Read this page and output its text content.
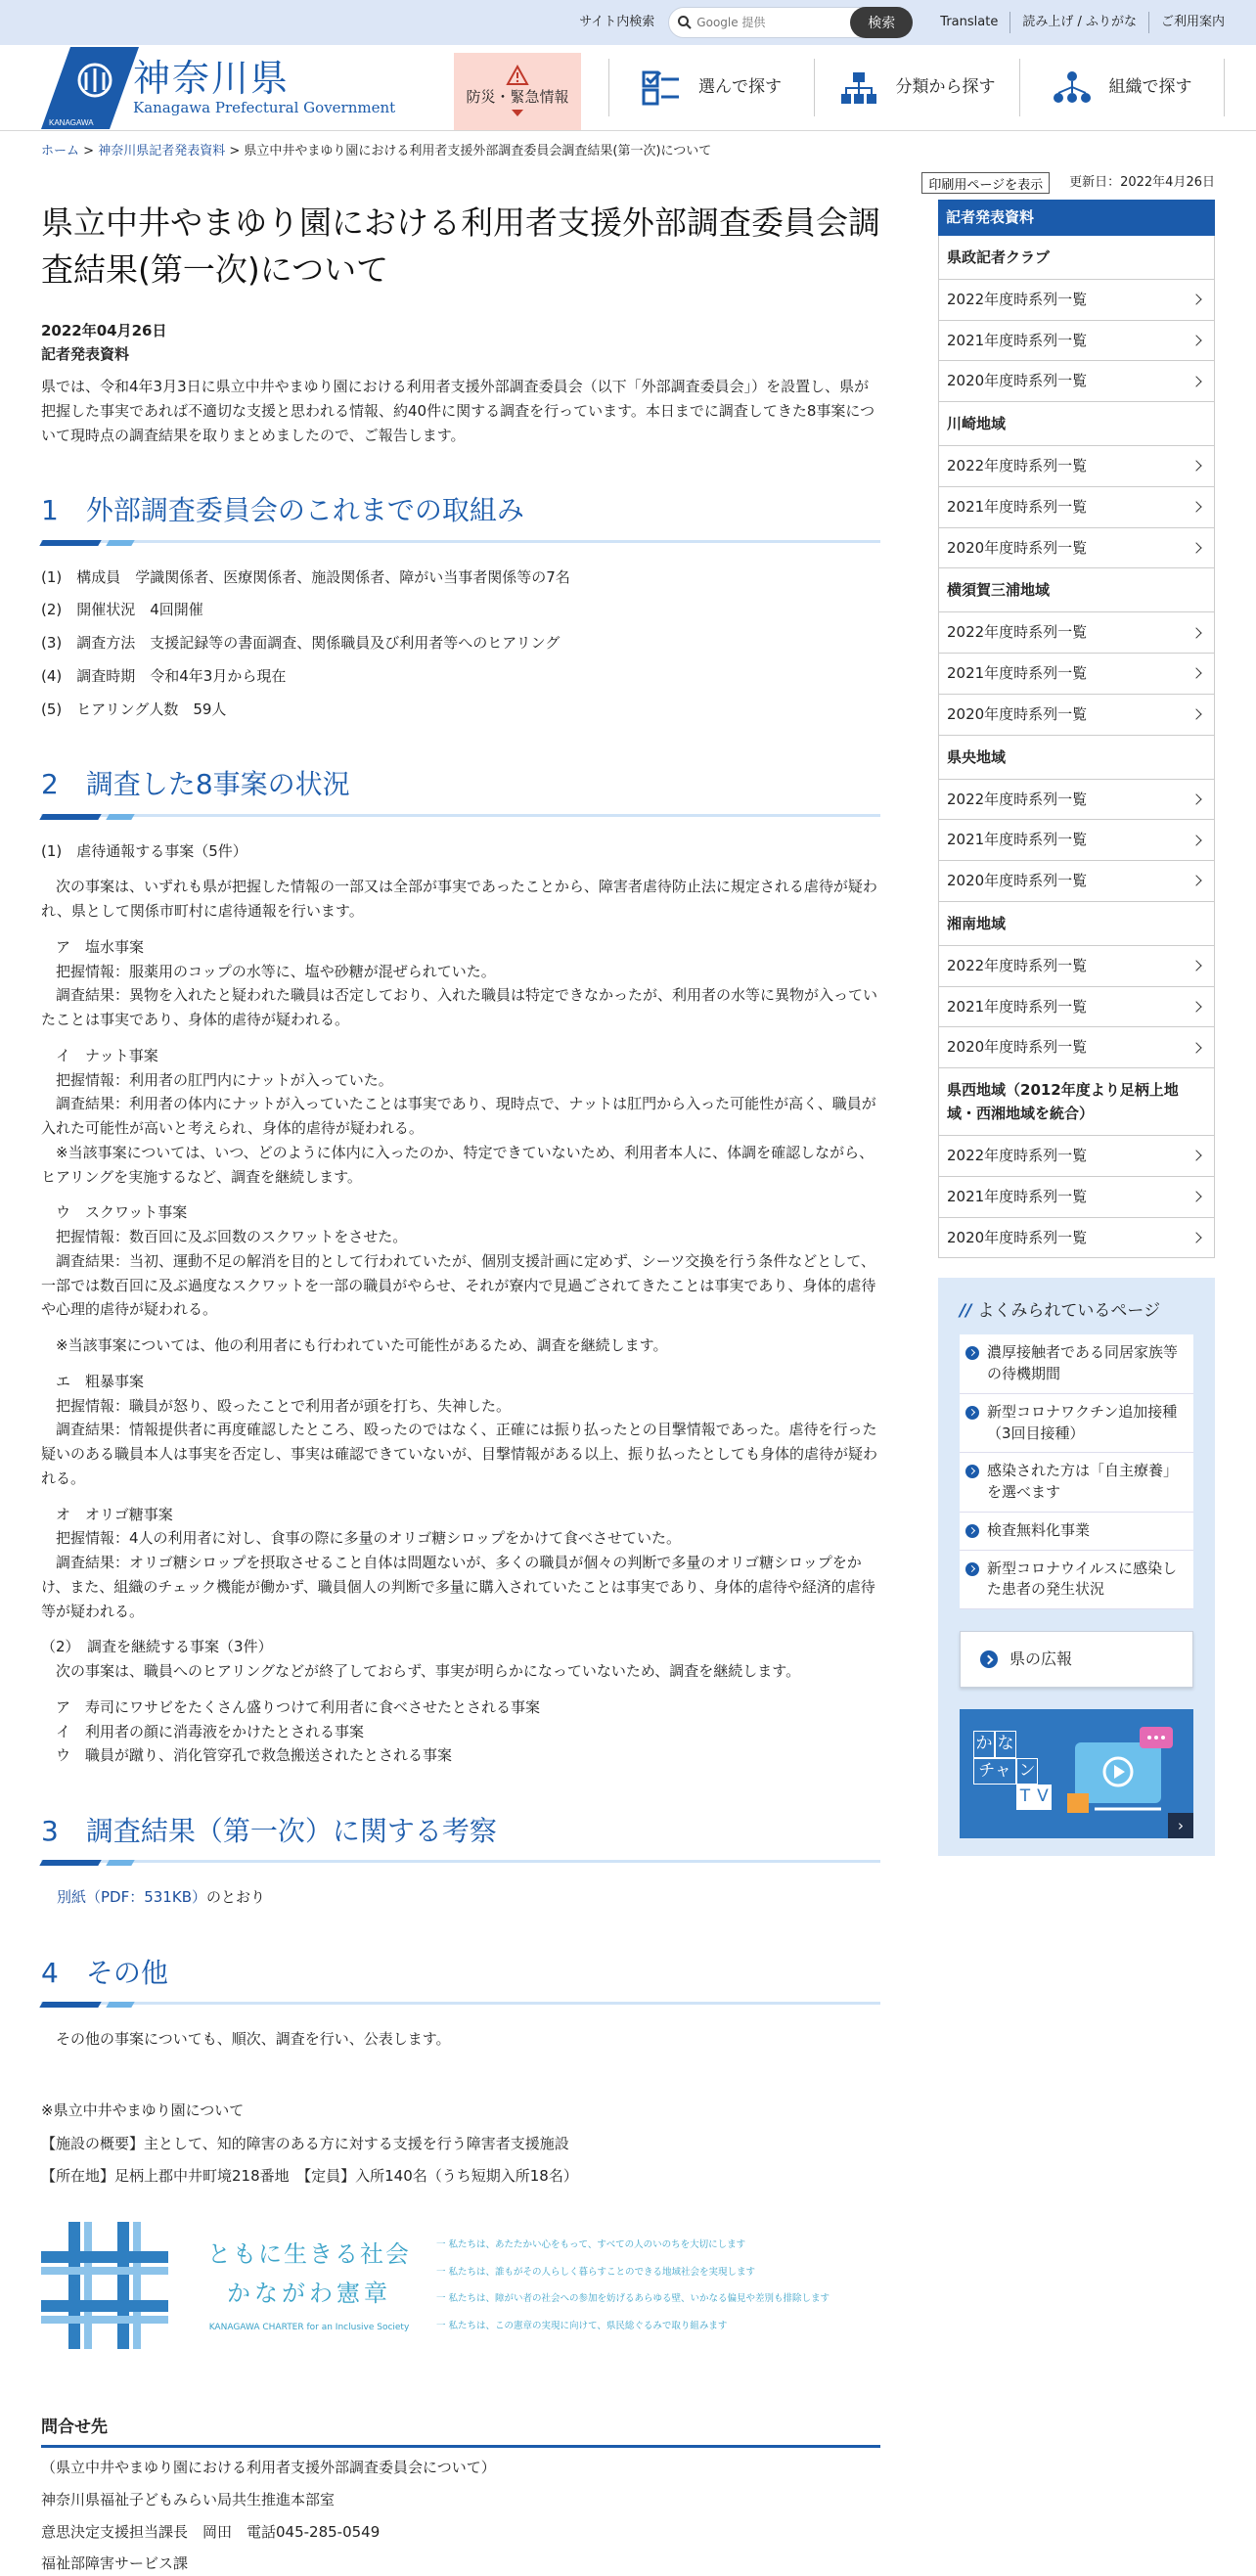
サイト内検索
Google 提供	検索	Translate	読み上げ / ふりがな	ご利用案内
KANAGAWA
神奈川県
Kanagawa Prefectural Government
防災・緊急情報	選んで探す	分類から探す	組織で探す
ホーム > 神奈川県記者発表資料 > 県立中井やまゆり園における利用者支援外部調査委員会調査結果(第一次)について
印刷用ページを表示	更新日：2022年4月26日
県立中井やまゆり園における利用者支援外部調査委員会調査結果(第一次)について

2022年04月26日

記者発表資料

県では、令和4年3月3日に県立中井やまゆり園における利用者支援外部調査委員会（以下「外部調査委員会」）を設置し、県が把握した事実であれば不適切な支援と思われる情報、約40件に関する調査を行っています。本日までに調査してきた8事案について現時点の調査結果を取りまとめましたので、ご報告します。

1　外部調査委員会のこれまでの取組み

(1)　構成員　学識関係者、医療関係者、施設関係者、障がい当事者関係等の7名

(2)　開催状況　4回開催

(3)　調査方法　支援記録等の書面調査、関係職員及び利用者等へのヒアリング

(4)　調査時期　令和4年3月から現在

(5)　ヒアリング人数　59人

2　調査した8事案の状況

(1)　虐待通報する事案（5件）

　次の事案は、いずれも県が把握した情報の一部又は全部が事実であったことから、障害者虐待防止法に規定される虐待が疑われ、県として関係市町村に虐待通報を行います。

　ア　塩水事案

　把握情報：服薬用のコップの水等に、塩や砂糖が混ぜられていた。

　調査結果：異物を入れたと疑われた職員は否定しており、入れた職員は特定できなかったが、利用者の水等に異物が入っていたことは事実であり、身体的虐待が疑われる。

　イ　ナット事案

　把握情報：利用者の肛門内にナットが入っていた。

　調査結果：利用者の体内にナットが入っていたことは事実であり、現時点で、ナットは肛門から入った可能性が高く、職員が入れた可能性が高いと考えられ、身体的虐待が疑われる。

　※当該事案については、いつ、どのように体内に入ったのか、特定できていないため、利用者本人に、体調を確認しながら、ヒアリングを実施するなど、調査を継続します。

　ウ　スクワット事案

　把握情報：数百回に及ぶ回数のスクワットをさせた。

　調査結果：当初、運動不足の解消を目的として行われていたが、個別支援計画に定めず、シーツ交換を行う条件などとして、一部では数百回に及ぶ過度なスクワットを一部の職員がやらせ、それが寮内で見過ごされてきたことは事実であり、身体的虐待や心理的虐待が疑われる。

　※当該事案については、他の利用者にも行われていた可能性があるため、調査を継続します。

　エ　粗暴事案

　把握情報：職員が怒り、殴ったことで利用者が頭を打ち、失神した。

　調査結果：情報提供者に再度確認したところ、殴ったのではなく、正確には振り払ったとの目撃情報であった。虐待を行った疑いのある職員本人は事実を否定し、事実は確認できていないが、目撃情報がある以上、振り払ったとしても身体的虐待が疑われる。

　オ　オリゴ糖事案

　把握情報：4人の利用者に対し、食事の際に多量のオリゴ糖シロップをかけて食べさせていた。

　調査結果：オリゴ糖シロップを摂取させること自体は問題ないが、多くの職員が個々の判断で多量のオリゴ糖シロップをかけ、また、組織のチェック機能が働かず、職員個人の判断で多量に購入されていたことは事実であり、身体的虐待や経済的虐待等が疑われる。

（2）　調査を継続する事案（3件）

　次の事案は、職員へのヒアリングなどが終了しておらず、事実が明らかになっていないため、調査を継続します。

　ア　寿司にワサビをたくさん盛りつけて利用者に食べさせたとされる事案

　イ　利用者の顔に消毒液をかけたとされる事案

　ウ　職員が蹴り、消化管穿孔で救急搬送されたとされる事案

3　調査結果（第一次）に関する考察

別紙（PDF：531KB）のとおり

4　その他

　その他の事案についても、順次、調査を行い、公表します。

※県立中井やまゆり園について

【施設の概要】主として、知的障害のある方に対する支援を行う障害者支援施設

【所在地】足柄上郡中井町境218番地　【定員】入所140名（うち短期入所18名）

ともに生きる社会
かながわ憲章
KANAGAWA CHARTER for an Inclusive Society
一 私たちは、あたたかい心をもって、すべての人のいのちを大切にします
一 私たちは、誰もがその人らしく暮らすことのできる地域社会を実現します
一 私たちは、障がい者の社会への参加を妨げるあらゆる壁、いかなる偏見や差別も排除します
一 私たちは、この憲章の実現に向けて、県民総ぐるみで取り組みます
問合せ先

（県立中井やまゆり園における利用者支援外部調査委員会について）

神奈川県福祉子どもみらい局共生推進本部室

意思決定支援担当課長　岡田　電話045-285-0549

福祉部障害サービス課

記者発表資料
県政記者クラブ
2022年度時系列一覧
2021年度時系列一覧
2020年度時系列一覧
川崎地域
2022年度時系列一覧
2021年度時系列一覧
2020年度時系列一覧
横須賀三浦地域
2022年度時系列一覧
2021年度時系列一覧
2020年度時系列一覧
県央地域
2022年度時系列一覧
2021年度時系列一覧
2020年度時系列一覧
湘南地域
2022年度時系列一覧
2021年度時系列一覧
2020年度時系列一覧
県西地域（2012年度より足柄上地域・西湘地域を統合）
2022年度時系列一覧
2021年度時系列一覧
2020年度時系列一覧
// よくみられているページ
濃厚接触者である同居家族等の待機期間
新型コロナワクチン追加接種（3回目接種）
感染された方は「自主療養」を選べます
検査無料化事業
新型コロナウイルスに感染した患者の発生状況
県の広報
か な
チャ ン
T V
›
